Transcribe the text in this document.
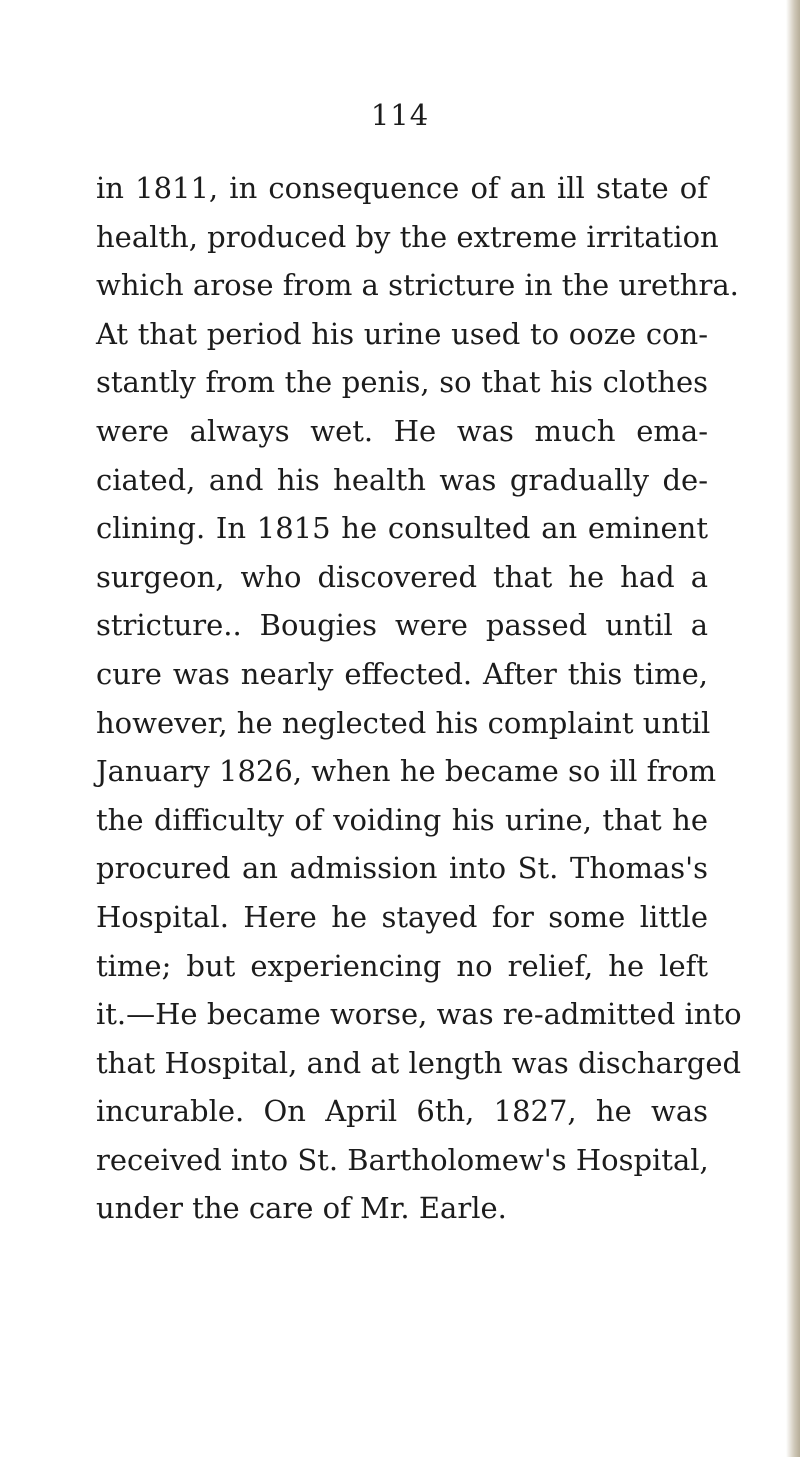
114
in 1811, in consequence of an ill state of
health, produced by the extreme irritation
which arose from a stricture in the urethra.
At that period his urine used to ooze con-
stantly from the penis, so that his clothes
were always wet. He was much ema-
ciated, and his health was gradually de-
clining. In 1815 he consulted an eminent
surgeon, who discovered that he had a
stricture.. Bougies were passed until a
cure was nearly effected. After this time,
however, he neglected his complaint until
January 1826, when he became so ill from
the difficulty of voiding his urine, that he
procured an admission into St. Thomas's
Hospital. Here he stayed for some little
time; but experiencing no relief, he left
it.—He became worse, was re-admitted into
that Hospital, and at length was discharged
incurable. On April 6th, 1827, he was
received into St. Bartholomew's Hospital,
under the care of Mr. Earle.
